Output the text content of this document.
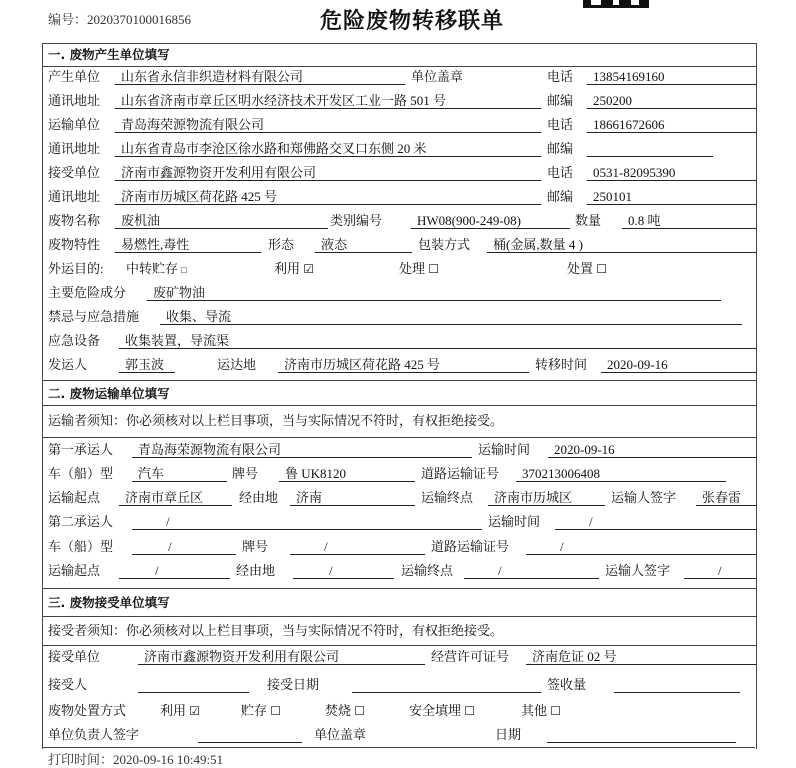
编号：2020370100016856	危险废物转移联单
一. 废物产生单位填写
产生单位	山东省永信非织造材料有限公司	单位盖章	电话	13854169160
通讯地址	山东省济南市章丘区明水经济技术开发区工业一路 501 号	邮编	250200
运输单位	青岛海荣源物流有限公司	电话	18661672606
通讯地址	山东省青岛市李沧区徐水路和郑佛路交叉口东侧 20 米	邮编
接受单位	济南市鑫源物资开发利用有限公司	电话	0531-82095390
通讯地址	济南市历城区荷花路 425 号	邮编	250101
废物名称	废机油	类别编号	HW08(900-249-08)	数量	0.8 吨
废物特性	易燃性,毒性	形态	液态	包装方式	桶(金属,数量 4 )
外运目的: 中转贮存 □	利用 ☑	处理 ☐	处置 ☐
主要危险成分	废矿物油
禁忌与应急措施	收集、导流
应急设备	收集装置，导流渠
发运人	郭玉波	运达地	济南市历城区荷花路 425 号	转移时间	2020-09-16
二. 废物运输单位填写
运输者须知：你必须核对以上栏目事项，当与实际情况不符时，有权拒绝接受。
第一承运人	青岛海荣源物流有限公司	运输时间	2020-09-16
车（船）型	汽车	牌号	鲁 UK8120	道路运输证号	370213006408
运输起点	济南市章丘区	经由地	济南	运输终点	济南市历城区	运输人签字	张春雷
第二承运人	/	运输时间	/
车（船）型	/	牌号	/	道路运输证号	/
运输起点	/	经由地	/	运输终点	/	运输人签字	/
三. 废物接受单位填写
接受者须知：你必须核对以上栏目事项，当与实际情况不符时，有权拒绝接受。
接受单位	济南市鑫源物资开发利用有限公司	经营许可证号	济南危证 02 号
接受人	接受日期	签收量
废物处置方式	利用 ☑	贮存 ☐	焚烧 ☐	安全填埋 ☐	其他 ☐
单位负责人签字	单位盖章	日期
打印时间：2020-09-16 10:49:51
